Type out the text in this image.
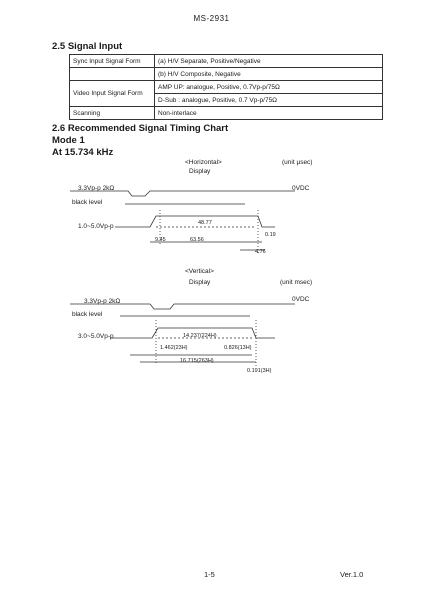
MS-2931
2.5 Signal Input
Sync Input Signal Form	(a) H/V Separate, Positive/Negative
	(b) H/V Composite, Negative
Video Input Signal Form	AMP UP: analogue, Positive, 0.7Vp-p/75Ω
	D-Sub : analogue, Positive, 0.7 Vp-p/75Ω
Scanning	Non-interlace
2.6 Recommended Signal Timing Chart
Mode 1
At 15.734 kHz
<Horizontal>
Display
(unit μsec)
3.3Vp-p 2kΩ	0VDC
black level
1.0~5.0Vp-p	48.77
0.19
9.45	63.56
4.76
<Vertical>
Display	(unit msec)
3.3Vp-p 2kΩ	0VDC
black level
3.0~5.0Vp-p	14.237(224H)
0.826(13H)
1.462(23H)
16.715(263H)
0.191(3H)
1-5	Ver.1.0
